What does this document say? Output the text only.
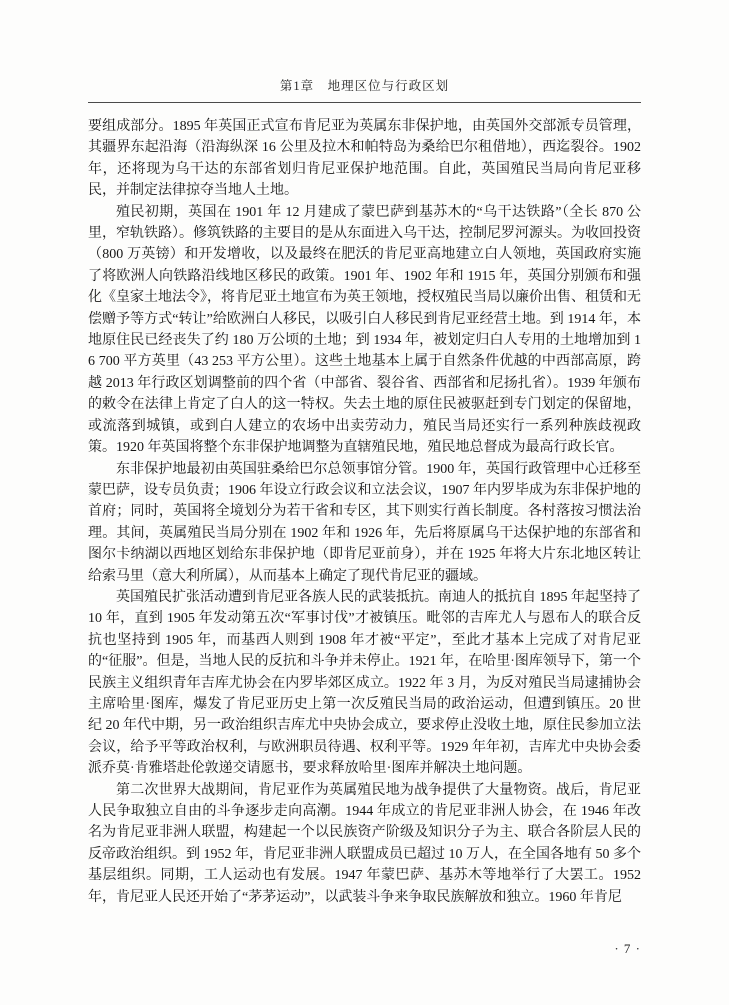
第1章　地理区位与行政区划

要组成部分。1895 年英国正式宣布肯尼亚为英属东非保护地，由英国外交部派专员管理，其疆界东起沿海（沿海纵深 16 公里及拉木和帕特岛为桑给巴尔租借地），西迄裂谷。1902 年，还将现为乌干达的东部省划归肯尼亚保护地范围。自此，英国殖民当局向肯尼亚移民，并制定法律掠夺当地人土地。

殖民初期，英国在 1901 年 12 月建成了蒙巴萨到基苏木的“乌干达铁路”（全长 870 公里，窄轨铁路）。修筑铁路的主要目的是从东面进入乌干达，控制尼罗河源头。为收回投资（800 万英镑）和开发增收，以及最终在肥沃的肯尼亚高地建立白人领地，英国政府实施了将欧洲人向铁路沿线地区移民的政策。1901 年、1902 年和 1915 年，英国分别颁布和强化《皇家土地法令》，将肯尼亚土地宣布为英王领地，授权殖民当局以廉价出售、租赁和无偿赠予等方式“转让”给欧洲白人移民，以吸引白人移民到肯尼亚经营土地。到 1914 年，本地原住民已经丧失了约 180 万公顷的土地；到 1934 年，被划定归白人专用的土地增加到 16 700 平方英里（43 253 平方公里）。这些土地基本上属于自然条件优越的中西部高原，跨越 2013 年行政区划调整前的四个省（中部省、裂谷省、西部省和尼扬扎省）。1939 年颁布的敕令在法律上肯定了白人的这一特权。失去土地的原住民被驱赶到专门划定的保留地，或流落到城镇，或到白人建立的农场中出卖劳动力，殖民当局还实行一系列种族歧视政策。1920 年英国将整个东非保护地调整为直辖殖民地，殖民地总督成为最高行政长官。

东非保护地最初由英国驻桑给巴尔总领事馆分管。1900 年，英国行政管理中心迁移至蒙巴萨，设专员负责；1906 年设立行政会议和立法会议，1907 年内罗毕成为东非保护地的首府；同时，英国将全境划分为若干省和专区，其下则实行酋长制度。各村落按习惯法治理。其间，英属殖民当局分别在 1902 年和 1926 年，先后将原属乌干达保护地的东部省和图尔卡纳湖以西地区划给东非保护地（即肯尼亚前身），并在 1925 年将大片东北地区转让给索马里（意大利所属），从而基本上确定了现代肯尼亚的疆域。

英国殖民扩张活动遭到肯尼亚各族人民的武装抵抗。南迪人的抵抗自 1895 年起坚持了 10 年，直到 1905 年发动第五次“军事讨伐”才被镇压。毗邻的吉库尤人与恩布人的联合反抗也坚持到 1905 年，而基西人则到 1908 年才被“平定”，至此才基本上完成了对肯尼亚的“征服”。但是，当地人民的反抗和斗争并未停止。1921 年，在哈里·图库领导下，第一个民族主义组织青年吉库尤协会在内罗毕郊区成立。1922 年 3 月，为反对殖民当局逮捕协会主席哈里·图库，爆发了肯尼亚历史上第一次反殖民当局的政治运动，但遭到镇压。20 世纪 20 年代中期，另一政治组织吉库尤中央协会成立，要求停止没收土地，原住民参加立法会议，给予平等政治权利，与欧洲职员待遇、权利平等。1929 年年初，吉库尤中央协会委派乔莫·肯雅塔赴伦敦递交请愿书，要求释放哈里·图库并解决土地问题。

第二次世界大战期间，肯尼亚作为英属殖民地为战争提供了大量物资。战后，肯尼亚人民争取独立自由的斗争逐步走向高潮。1944 年成立的肯尼亚非洲人协会，在 1946 年改名为肯尼亚非洲人联盟，构建起一个以民族资产阶级及知识分子为主、联合各阶层人民的反帝政治组织。到 1952 年，肯尼亚非洲人联盟成员已超过 10 万人，在全国各地有 50 多个基层组织。同期，工人运动也有发展。1947 年蒙巴萨、基苏木等地举行了大罢工。1952 年，肯尼亚人民还开始了“茅茅运动”，以武装斗争来争取民族解放和独立。1960 年肯尼

· 7 ·
